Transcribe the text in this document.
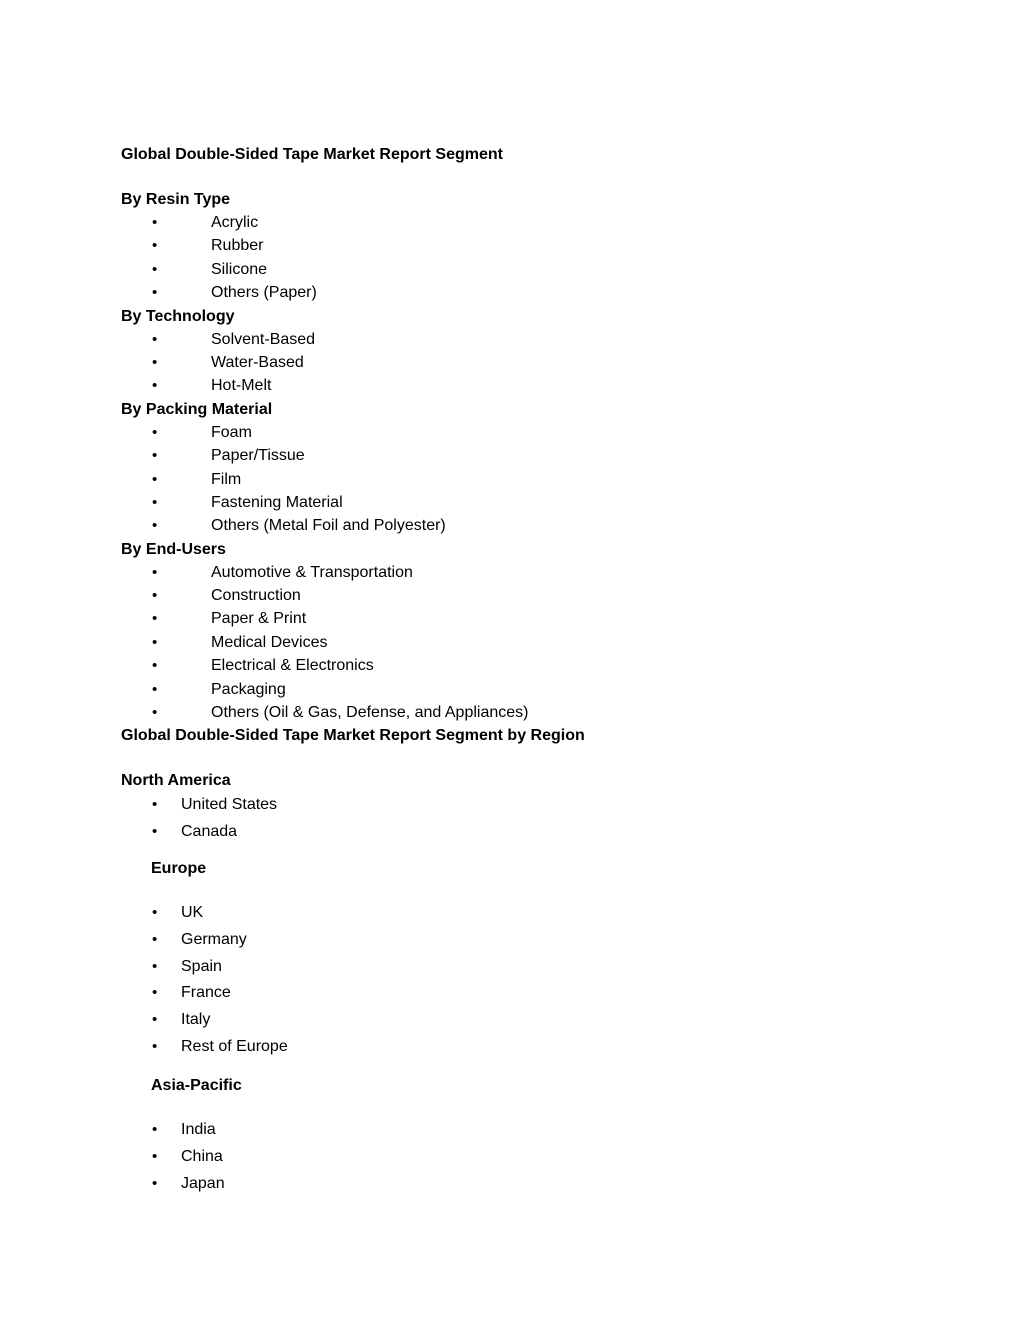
Global Double-Sided Tape Market Report Segment
By Resin Type
•	Acrylic
•	Rubber
•	Silicone
•	Others (Paper)
By Technology
•	Solvent-Based
•	Water-Based
•	Hot-Melt
By Packing Material
•	Foam
•	Paper/Tissue
•	Film
•	Fastening Material
•	Others (Metal Foil and Polyester)
By End-Users
•	Automotive & Transportation
•	Construction
•	Paper & Print
•	Medical Devices
•	Electrical & Electronics
•	Packaging
•	Others (Oil & Gas, Defense, and Appliances)
Global Double-Sided Tape Market Report Segment by Region
North America
• United States
• Canada
Europe
• UK
• Germany
• Spain
• France
• Italy
• Rest of Europe
Asia-Pacific
• India
• China
• Japan
